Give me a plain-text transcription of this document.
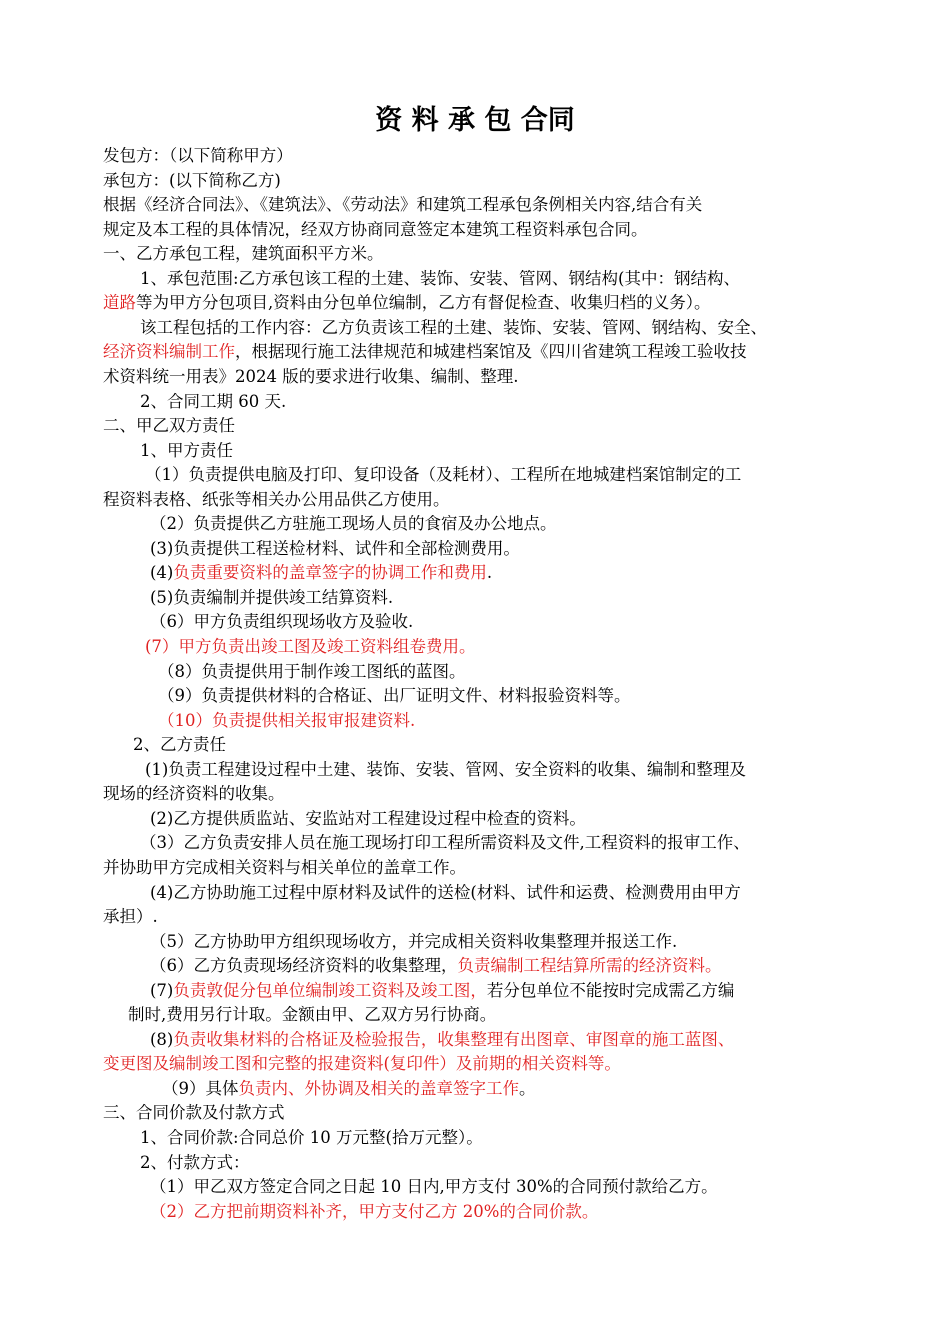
资 料 承 包 合同
发包方：（以下简称甲方）
承包方：(以下简称乙方)
根据《经济合同法》、《建筑法》、《劳动法》和建筑工程承包条例相关内容,结合有关
规定及本工程的具体情况，经双方协商同意签定本建筑工程资料承包合同。
一、乙方承包工程，建筑面积平方米。
1、承包范围:乙方承包该工程的土建、装饰、安装、管网、钢结构(其中：钢结构、
道路等为甲方分包项目,资料由分包单位编制，乙方有督促检查、收集归档的义务）。
该工程包括的工作内容：乙方负责该工程的土建、装饰、安装、管网、钢结构、安全、
经济资料编制工作，根据现行施工法律规范和城建档案馆及《四川省建筑工程竣工验收技
术资料统一用表》2024 版的要求进行收集、编制、整理.
2、合同工期 60 天.
二、甲乙双方责任
1、甲方责任
（1）负责提供电脑及打印、复印设备（及耗材）、工程所在地城建档案馆制定的工
程资料表格、纸张等相关办公用品供乙方使用。
（2）负责提供乙方驻施工现场人员的食宿及办公地点。
(3)负责提供工程送检材料、试件和全部检测费用。
(4)负责重要资料的盖章签字的协调工作和费用.
(5)负责编制并提供竣工结算资料.
（6）甲方负责组织现场收方及验收.
(7）甲方负责出竣工图及竣工资料组卷费用。
（8）负责提供用于制作竣工图纸的蓝图。
（9）负责提供材料的合格证、出厂证明文件、材料报验资料等。
（10）负责提供相关报审报建资料.
2、乙方责任
(1)负责工程建设过程中土建、装饰、安装、管网、安全资料的收集、编制和整理及
现场的经济资料的收集。
(2)乙方提供质监站、安监站对工程建设过程中检查的资料。
（3）乙方负责安排人员在施工现场打印工程所需资料及文件,工程资料的报审工作、
并协助甲方完成相关资料与相关单位的盖章工作。
(4)乙方协助施工过程中原材料及试件的送检(材料、试件和运费、检测费用由甲方
承担）.
（5）乙方协助甲方组织现场收方，并完成相关资料收集整理并报送工作.
（6）乙方负责现场经济资料的收集整理，负责编制工程结算所需的经济资料。
(7)负责敦促分包单位编制竣工资料及竣工图，若分包单位不能按时完成需乙方编
制时,费用另行计取。金额由甲、乙双方另行协商。
(8)负责收集材料的合格证及检验报告，收集整理有出图章、审图章的施工蓝图、
变更图及编制竣工图和完整的报建资料(复印件）及前期的相关资料等。
（9）具体负责内、外协调及相关的盖章签字工作。
三、合同价款及付款方式
1、合同价款:合同总价 10 万元整(拾万元整）。
2、付款方式：
（1）甲乙双方签定合同之日起 10 日内,甲方支付 30%的合同预付款给乙方。
（2）乙方把前期资料补齐，甲方支付乙方 20%的合同价款。
